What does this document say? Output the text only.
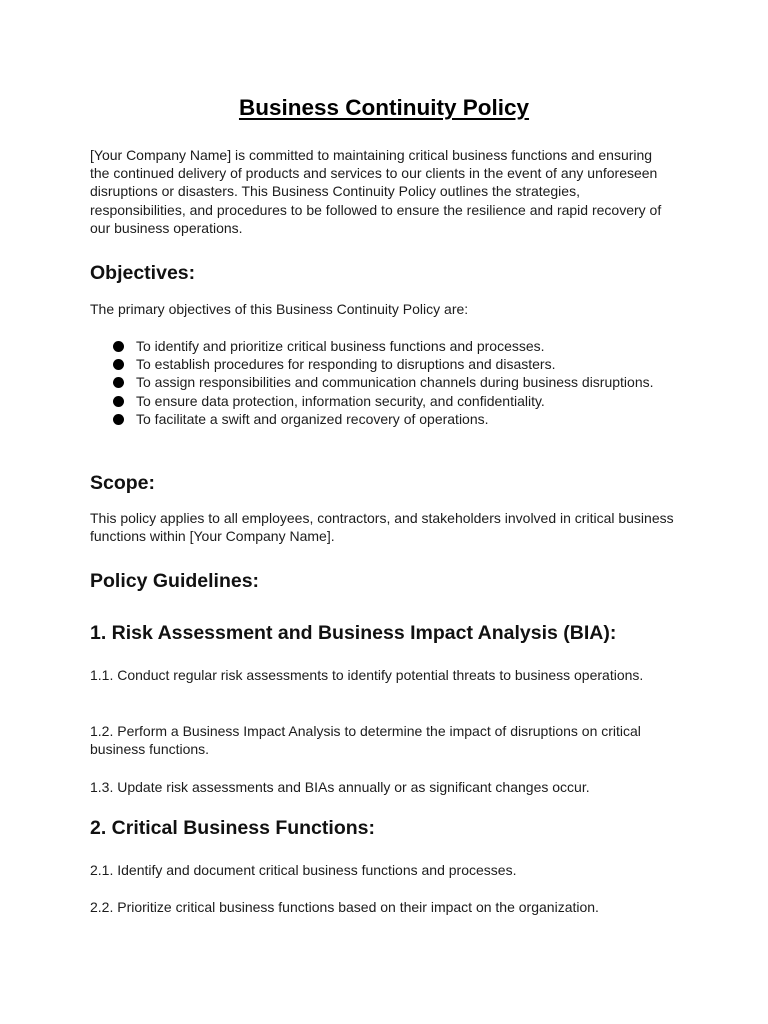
Business Continuity Policy

[Your Company Name] is committed to maintaining critical business functions and ensuring the continued delivery of products and services to our clients in the event of any unforeseen disruptions or disasters. This Business Continuity Policy outlines the strategies, responsibilities, and procedures to be followed to ensure the resilience and rapid recovery of our business operations.

Objectives:

The primary objectives of this Business Continuity Policy are:

To identify and prioritize critical business functions and processes.
To establish procedures for responding to disruptions and disasters.
To assign responsibilities and communication channels during business disruptions.
To ensure data protection, information security, and confidentiality.
To facilitate a swift and organized recovery of operations.
Scope:

This policy applies to all employees, contractors, and stakeholders involved in critical business functions within [Your Company Name].

Policy Guidelines:
1. Risk Assessment and Business Impact Analysis (BIA):

1.1. Conduct regular risk assessments to identify potential threats to business operations.

1.2. Perform a Business Impact Analysis to determine the impact of disruptions on critical business functions.

1.3. Update risk assessments and BIAs annually or as significant changes occur.

2. Critical Business Functions:

2.1. Identify and document critical business functions and processes.

2.2. Prioritize critical business functions based on their impact on the organization.
